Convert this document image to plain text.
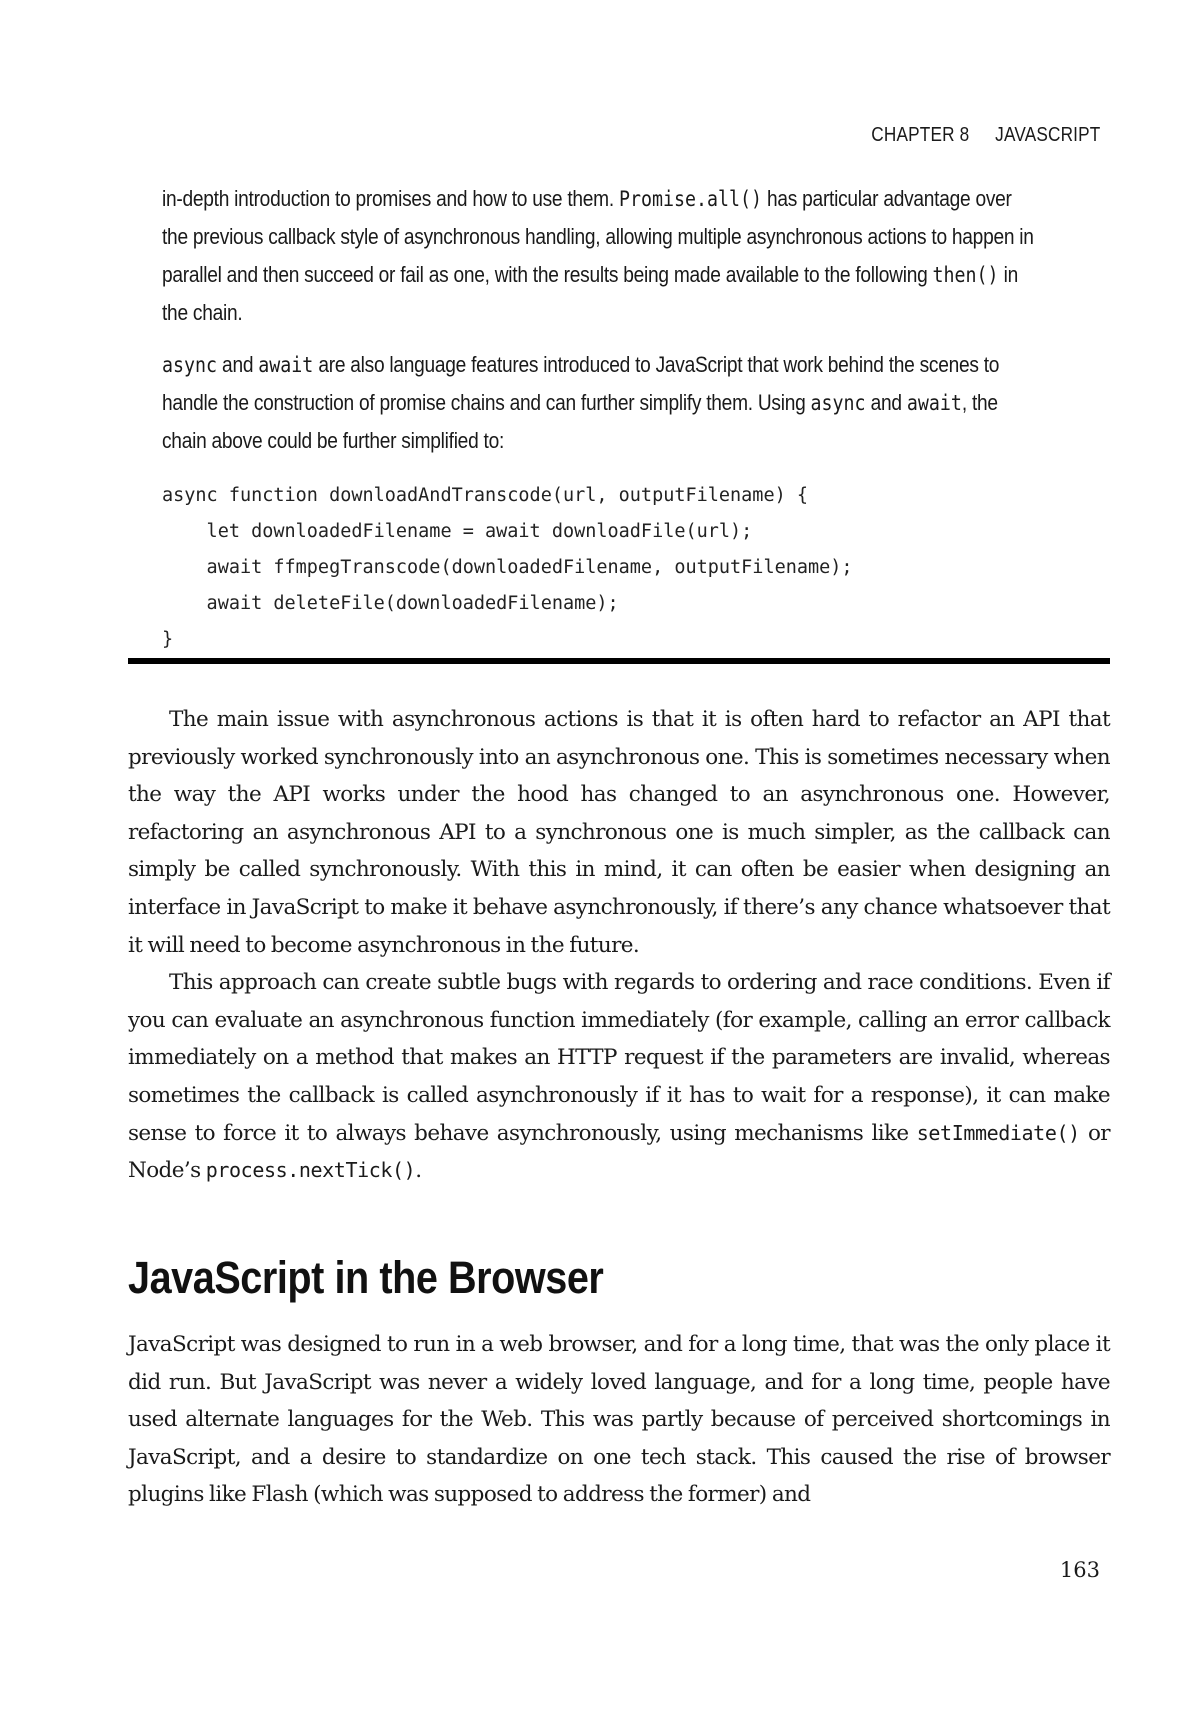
CHAPTER 8 JAVASCRIPT

in-depth introduction to promises and how to use them. Promise.all() has particular advantage over the previous callback style of asynchronous handling, allowing multiple asynchronous actions to happen in parallel and then succeed or fail as one, with the results being made available to the following then() in the chain.

async and await are also language features introduced to JavaScript that work behind the scenes to handle the construction of promise chains and can further simplify them. Using async and await, the chain above could be further simplified to:

async function downloadAndTranscode(url, outputFilename) {
let downloadedFilename = await downloadFile(url);
await ffmpegTranscode(downloadedFilename, outputFilename);
await deleteFile(downloadedFilename);
}

The main issue with asynchronous actions is that it is often hard to refactor an API that previously worked synchronously into an asynchronous one. This is sometimes necessary when the way the API works under the hood has changed to an asynchronous one. However, refactoring an asynchronous API to a synchronous one is much simpler, as the callback can simply be called synchronously. With this in mind, it can often be easier when designing an interface in JavaScript to make it behave asynchronously, if there’s any chance whatsoever that it will need to become asynchronous in the future.

This approach can create subtle bugs with regards to ordering and race conditions. Even if you can evaluate an asynchronous function immediately (for example, calling an error callback immediately on a method that makes an HTTP request if the parameters are invalid, whereas sometimes the callback is called asynchronously if it has to wait for a response), it can make sense to force it to always behave asynchronously, using mechanisms like setImmediate() or Node’s process.nextTick().

JavaScript in the Browser

JavaScript was designed to run in a web browser, and for a long time, that was the only place it did run. But JavaScript was never a widely loved language, and for a long time, people have used alternate languages for the Web. This was partly because of perceived shortcomings in JavaScript, and a desire to standardize on one tech stack. This caused the rise of browser plugins like Flash (which was supposed to address the former) and

163
